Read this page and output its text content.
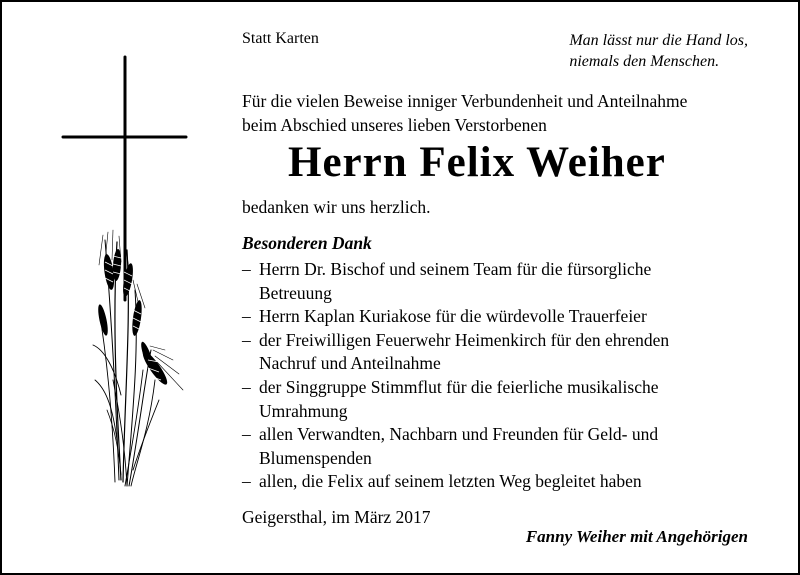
Statt Karten	Man lässt nur die Hand los,
niemals den Menschen.
Für die vielen Beweise inniger Verbundenheit und Anteilnahme
beim Abschied unseres lieben Verstorbenen
Herrn Felix Weiher
bedanken wir uns herzlich.
Besonderen Dank
– Herrn Dr. Bischof und seinem Team für die fürsorgliche
Betreuung
– Herrn Kaplan Kuriakose für die würdevolle Trauerfeier
– der Freiwilligen Feuerwehr Heimenkirch für den ehrenden
Nachruf und Anteilnahme
– der Singgruppe Stimmflut für die feierliche musikalische
Umrahmung
– allen Verwandten, Nachbarn und Freunden für Geld- und
Blumenspenden
– allen, die Felix auf seinem letzten Weg begleitet haben
Geigersthal, im März 2017
Fanny Weiher mit Angehörigen
